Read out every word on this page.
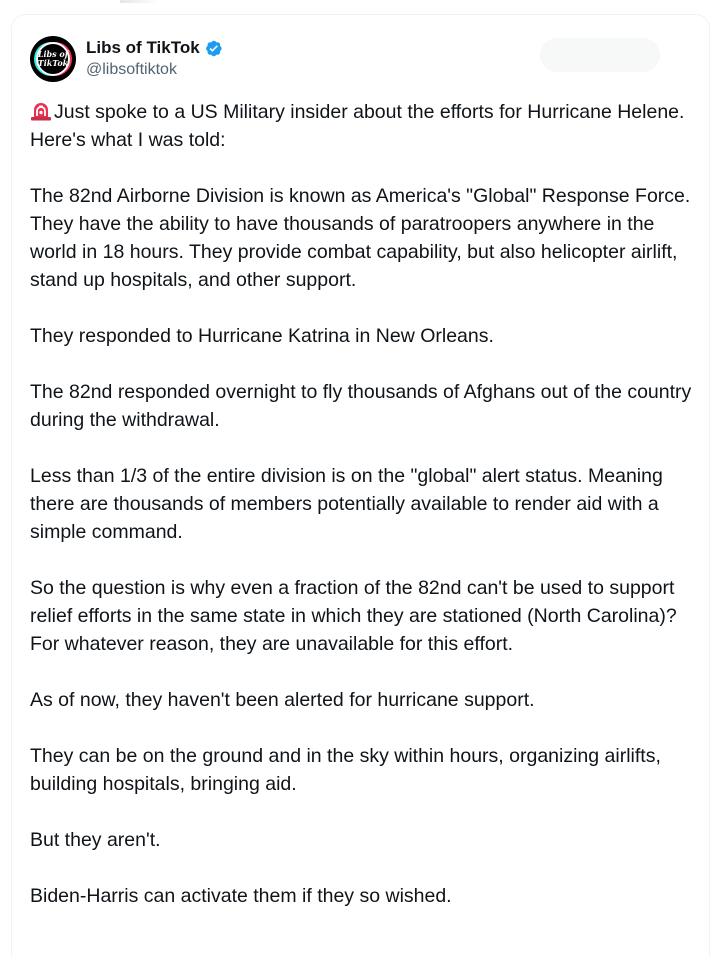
Libs of
TikTok
Libs of TikTok
@libsoftiktok

Just spoke to a US Military insider about the efforts for Hurricane Helene. Here's what I was told:

The 82nd Airborne Division is known as America's "Global" Response Force. They have the ability to have thousands of paratroopers anywhere in the world in 18 hours. They provide combat capability, but also helicopter airlift, stand up hospitals, and other support.

They responded to Hurricane Katrina in New Orleans.

The 82nd responded overnight to fly thousands of Afghans out of the country during the withdrawal.

Less than 1/3 of the entire division is on the "global" alert status. Meaning there are thousands of members potentially available to render aid with a simple command.

So the question is why even a fraction of the 82nd can't be used to support relief efforts in the same state in which they are stationed (North Carolina)? For whatever reason, they are unavailable for this effort.

As of now, they haven't been alerted for hurricane support.

They can be on the ground and in the sky within hours, organizing airlifts, building hospitals, bringing aid.

But they aren't.

Biden-Harris can activate them if they so wished.
